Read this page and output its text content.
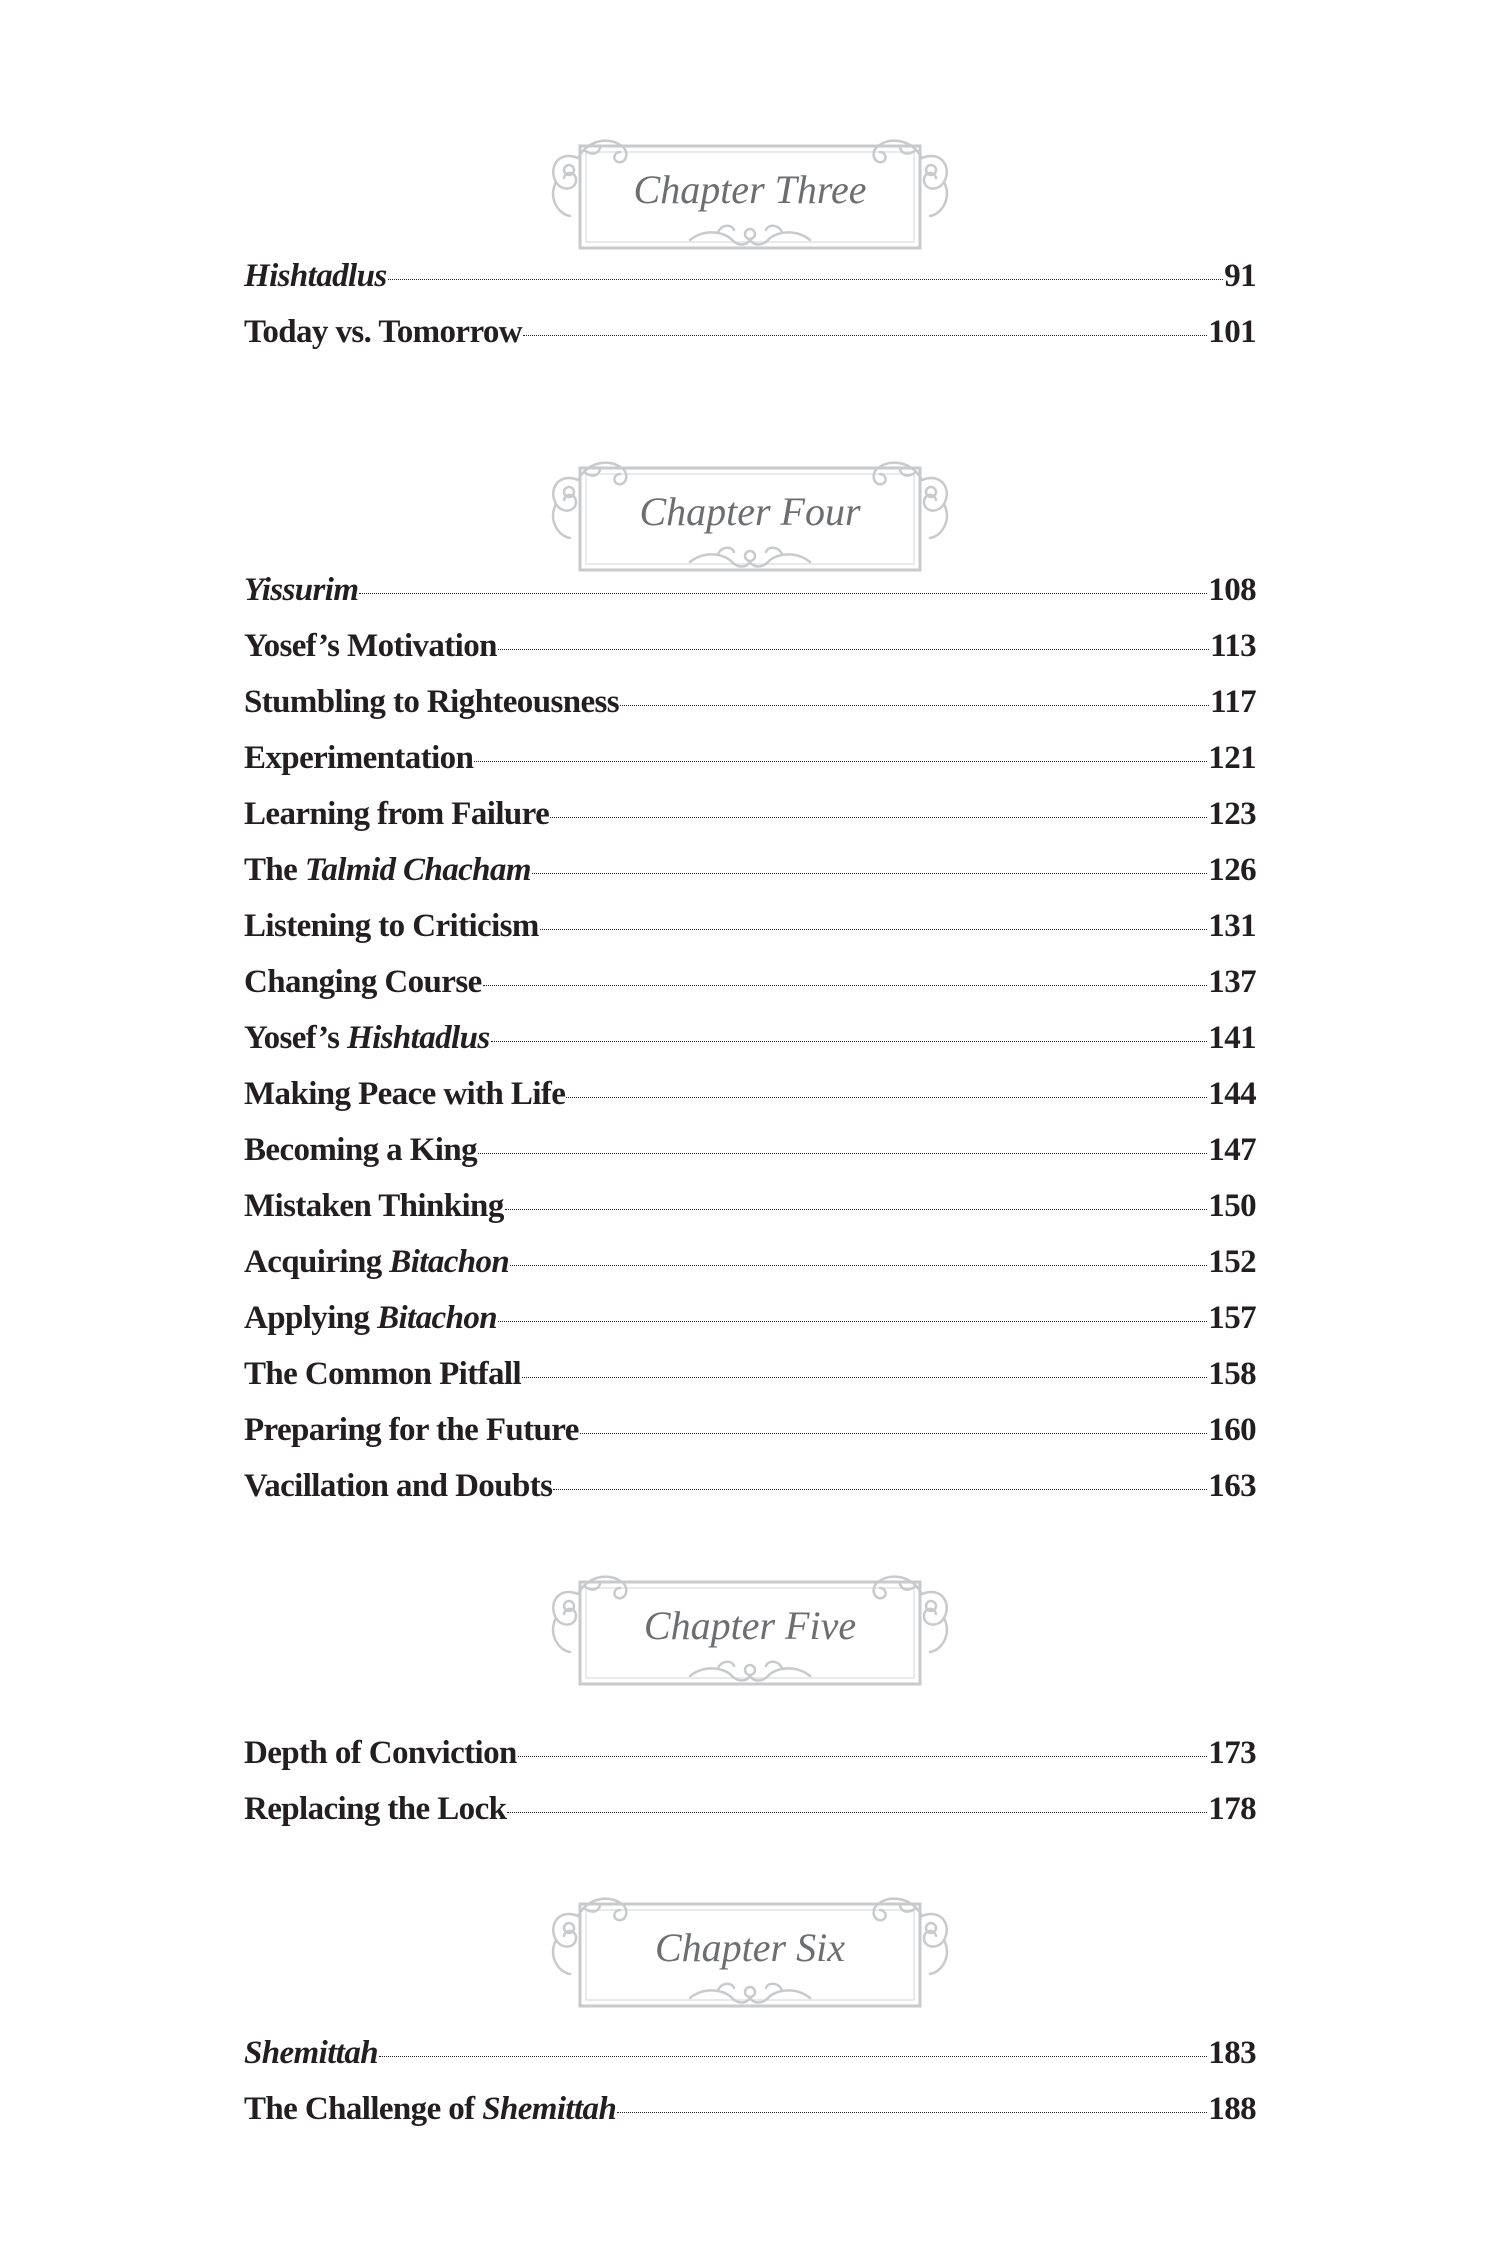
Chapter Three
Hishtadlus	91
Today vs. Tomorrow	101
Chapter Four
Yissurim	108
Yosef’s Motivation	113
Stumbling to Righteousness	117
Experimentation	121
Learning from Failure	123
The Talmid Chacham	126
Listening to Criticism	131
Changing Course	137
Yosef’s Hishtadlus	141
Making Peace with Life	144
Becoming a King	147
Mistaken Thinking	150
Acquiring Bitachon	152
Applying Bitachon	157
The Common Pitfall	158
Preparing for the Future	160
Vacillation and Doubts	163
Chapter Five
Depth of Conviction	173
Replacing the Lock	178
Chapter Six
Shemittah	183
The Challenge of Shemittah	188
